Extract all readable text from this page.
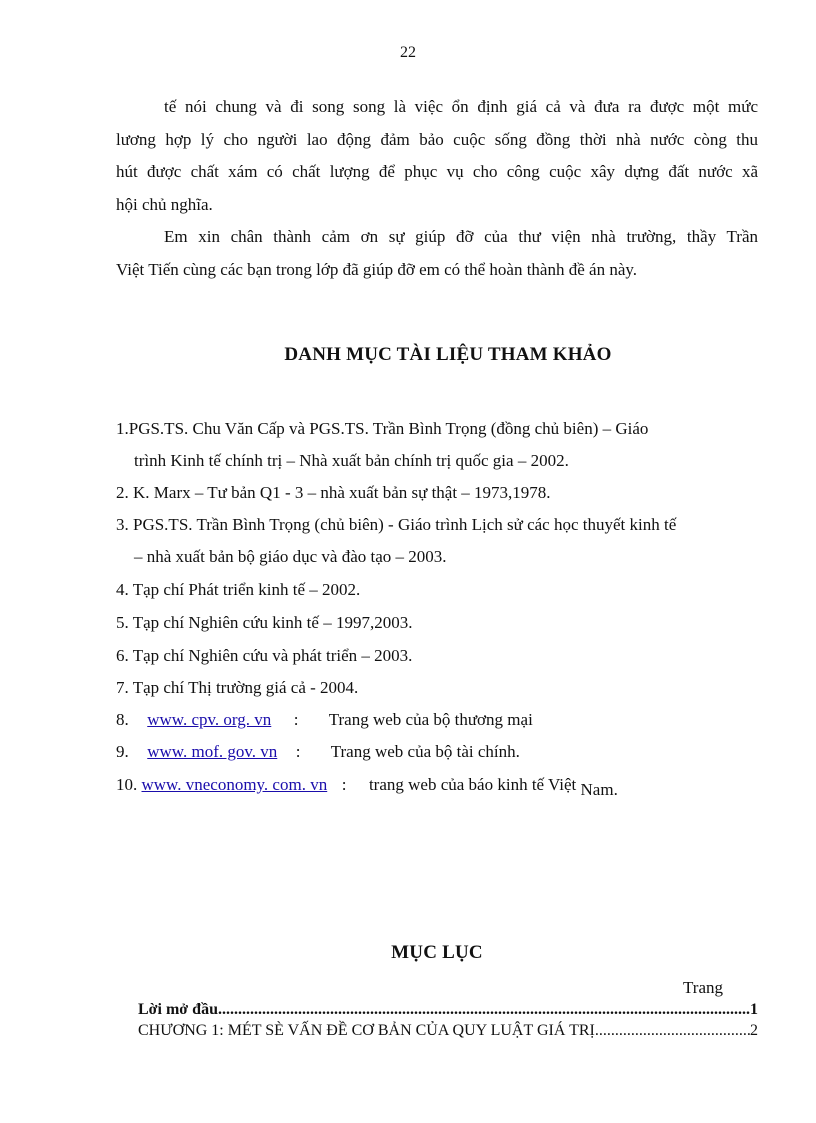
22
tế nói chung và đi song song là việc ổn định giá cả và đưa ra được một mức
lương hợp lý cho người lao động đảm bảo cuộc sống đồng thời nhà nước còng thu
hút được chất xám có chất lượng để phục vụ cho công cuộc xây dựng đất nước xã
hội chủ nghĩa.
Em xin chân thành cảm ơn sự giúp đỡ của thư viện nhà trường, thầy Trần
Việt Tiến cùng các bạn trong lớp đã giúp đỡ em có thể hoàn thành đề án này.
DANH MỤC TÀI LIỆU THAM KHẢO
1.PGS.TS. Chu Văn Cấp và PGS.TS. Trần Bình Trọng (đồng chủ biên) – Giáo
trình Kinh tế chính trị – Nhà xuất bản chính trị quốc gia – 2002.
2. K. Marx – Tư bản Q1 - 3 – nhà xuất bản sự thật – 1973,1978.
3. PGS.TS. Trần Bình Trọng (chủ biên) - Giáo trình Lịch sử các học thuyết kinh tế
– nhà xuất bản bộ giáo dục và đào tạo – 2003.
4. Tạp chí Phát triển kinh tế – 2002.
5. Tạp chí Nghiên cứu kinh tế – 1997,2003.
6. Tạp chí Nghiên cứu và phát triển – 2003.
7. Tạp chí Thị trường giá cả - 2004.
8. www. cpv. org. vn : Trang web của bộ thương mại
9. www. mof. gov. vn : Trang web của bộ tài chính.
10. www. vneconomy. com. vn : trang web của báo kinh tế Việt Nam.
MỤC LỤC
Trang
Lời mở đầu .....	1
CHƯƠNG 1: MÉT SÈ VẤN ĐỀ CƠ BẢN CỦA QUY LUẬT GIÁ TRỊ .....	2
